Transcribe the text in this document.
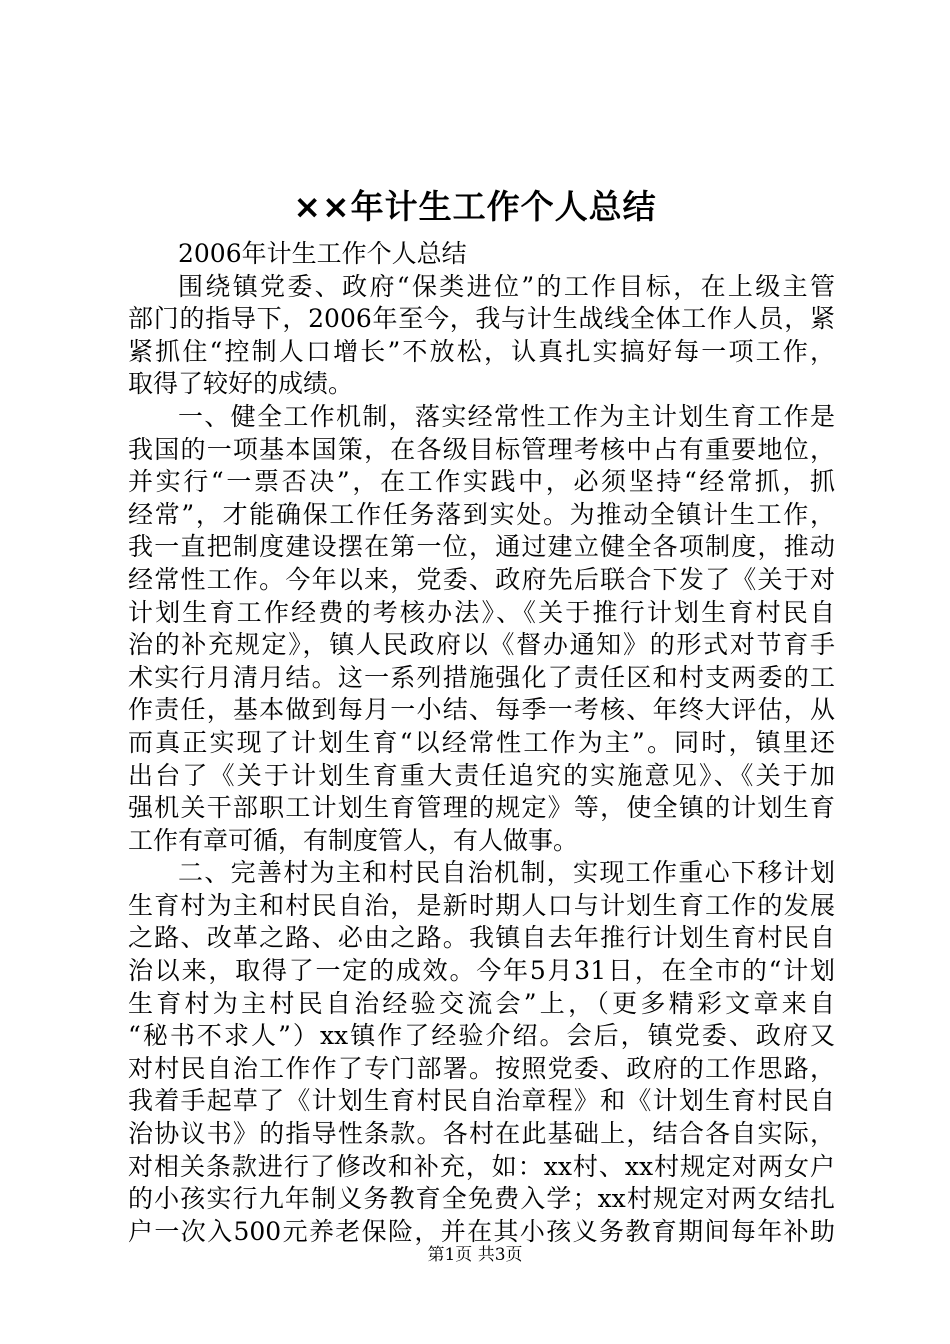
××年计生工作个人总结
2006年计生工作个人总结
围绕镇党委、政府“保类进位”的工作目标，在上级主管
部门的指导下，2006年至今，我与计生战线全体工作人员，紧
紧抓住“控制人口增长”不放松，认真扎实搞好每一项工作，
取得了较好的成绩。
一、健全工作机制，落实经常性工作为主计划生育工作是
我国的一项基本国策，在各级目标管理考核中占有重要地位，
并实行“一票否决”，在工作实践中，必须坚持“经常抓，抓
经常”，才能确保工作任务落到实处。为推动全镇计生工作，
我一直把制度建设摆在第一位，通过建立健全各项制度，推动
经常性工作。今年以来，党委、政府先后联合下发了《关于对
计划生育工作经费的考核办法》、《关于推行计划生育村民自
治的补充规定》，镇人民政府以《督办通知》的形式对节育手
术实行月清月结。这一系列措施强化了责任区和村支两委的工
作责任，基本做到每月一小结、每季一考核、年终大评估，从
而真正实现了计划生育“以经常性工作为主”。同时，镇里还
出台了《关于计划生育重大责任追究的实施意见》、《关于加
强机关干部职工计划生育管理的规定》等，使全镇的计划生育
工作有章可循，有制度管人，有人做事。
二、完善村为主和村民自治机制，实现工作重心下移计划
生育村为主和村民自治，是新时期人口与计划生育工作的发展
之路、改革之路、必由之路。我镇自去年推行计划生育村民自
治以来，取得了一定的成效。今年5月31日，在全市的“计划
生育村为主村民自治经验交流会”上，（更多精彩文章来自
“秘书不求人”）xx镇作了经验介绍。会后，镇党委、政府又
对村民自治工作作了专门部署。按照党委、政府的工作思路，
我着手起草了《计划生育村民自治章程》和《计划生育村民自
治协议书》的指导性条款。各村在此基础上，结合各自实际，
对相关条款进行了修改和补充，如：xx村、xx村规定对两女户
的小孩实行九年制义务教育全免费入学；xx村规定对两女结扎
户一次入500元养老保险，并在其小孩义务教育期间每年补助
第1页 共3页
